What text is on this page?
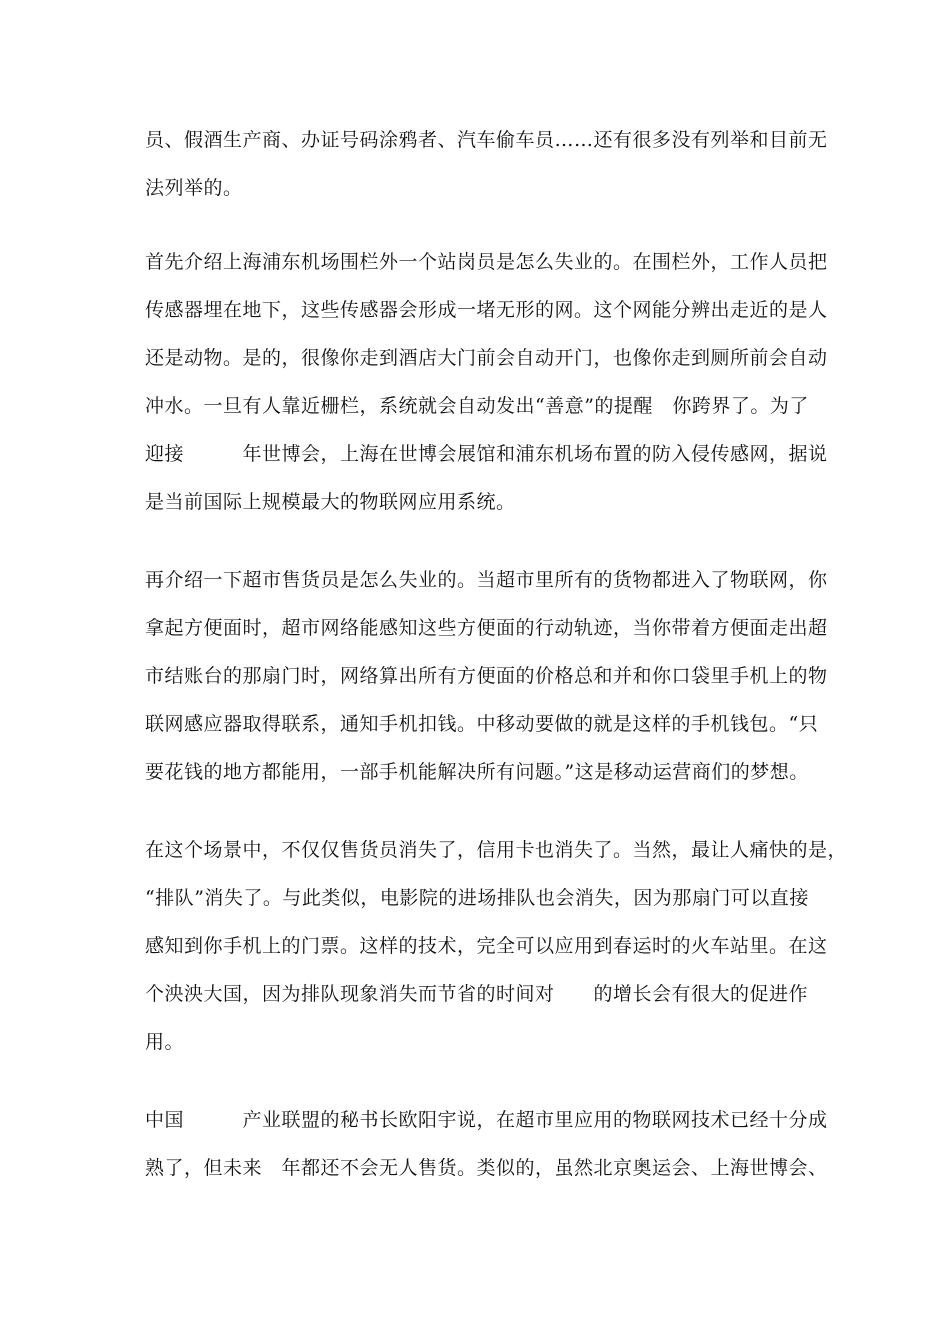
员、假酒生产商、办证号码涂鸦者、汽车偷车员……还有很多没有列举和目前无
法列举的。
首先介绍上海浦东机场围栏外一个站岗员是怎么失业的。在围栏外，工作人员把
传感器埋在地下，这些传感器会形成一堵无形的网。这个网能分辨出走近的是人
还是动物。是的，很像你走到酒店大门前会自动开门，也像你走到厕所前会自动
冲水。一旦有人靠近栅栏，系统就会自动发出“善意”的提醒　你跨界了。为了
迎接　　　年世博会，上海在世博会展馆和浦东机场布置的防入侵传感网，据说
是当前国际上规模最大的物联网应用系统。
再介绍一下超市售货员是怎么失业的。当超市里所有的货物都进入了物联网，你
拿起方便面时，超市网络能感知这些方便面的行动轨迹，当你带着方便面走出超
市结账台的那扇门时，网络算出所有方便面的价格总和并和你口袋里手机上的物
联网感应器取得联系，通知手机扣钱。中移动要做的就是这样的手机钱包。“只
要花钱的地方都能用，一部手机能解决所有问题。”这是移动运营商们的梦想。
在这个场景中，不仅仅售货员消失了，信用卡也消失了。当然，最让人痛快的是，
“排队”消失了。与此类似，电影院的进场排队也会消失，因为那扇门可以直接
感知到你手机上的门票。这样的技术，完全可以应用到春运时的火车站里。在这
个泱泱大国，因为排队现象消失而节省的时间对　　的增长会有很大的促进作
用。
中国　　　产业联盟的秘书长欧阳宇说，在超市里应用的物联网技术已经十分成
熟了，但未来　年都还不会无人售货。类似的，虽然北京奥运会、上海世博会、
